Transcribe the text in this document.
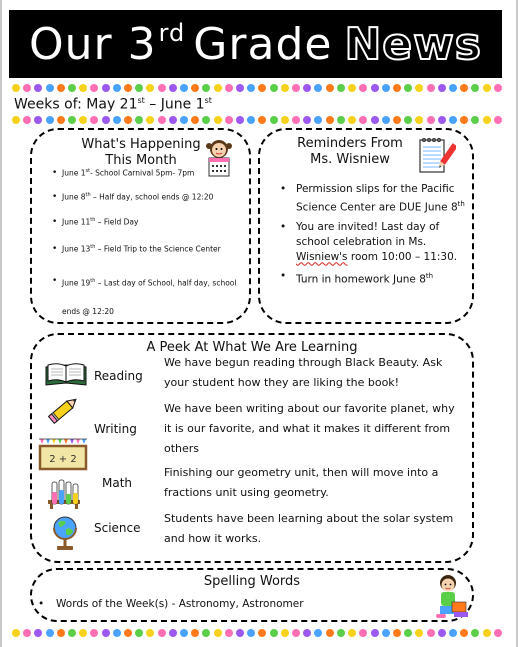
Our 3 rd Grade News
Weeks of: May 21st – June 1st
What's Happening
This Month
• June 1st- School Carnival 5pm- 7pm
• June 8th – Half day, school ends @ 12:20
• June 11th – Field Day
• June 13th – Field Trip to the Science Center
• June 19th – Last day of School, half day, school ends @ 12:20
Reminders From
Ms. Wisniew
• Permission slips for the Pacific Science Center are DUE June 8th
• You are invited! Last day of school celebration in Ms. Wisniew's room 10:00 – 11:30.
• Turn in homework June 8th
A Peek At What We Are Learning
Reading
We have begun reading through Black Beauty. Ask your student how they are liking the book!
Writing
We have been writing about our favorite planet, why it is our favorite, and what it makes it different from others
2 + 2
Math
Finishing our geometry unit, then will move into a fractions unit using geometry.
Science
Students have been learning about the solar system and how it works.
Spelling Words
• Words of the Week(s) - Astronomy, Astronomer
